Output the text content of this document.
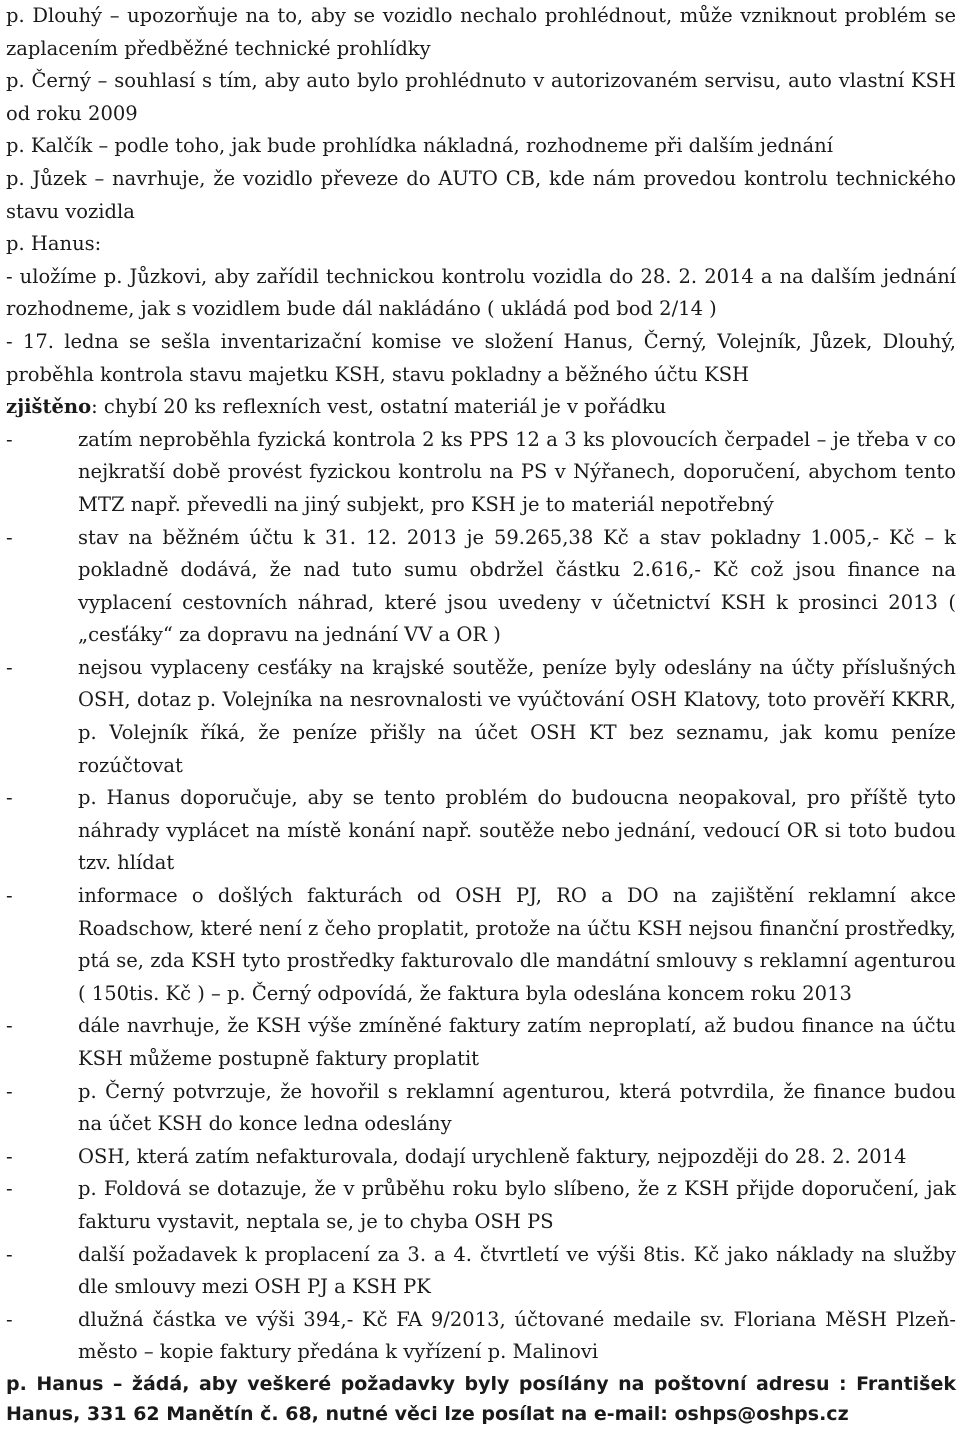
p. Dlouhý – upozorňuje na to, aby se vozidlo nechalo prohlédnout, může vzniknout problém se zaplacením předběžné technické prohlídky

p. Černý – souhlasí s tím, aby auto bylo prohlédnuto v autorizovaném servisu, auto vlastní KSH od roku 2009

p. Kalčík – podle toho, jak bude prohlídka nákladná, rozhodneme při dalším jednání

p. Jůzek – navrhuje, že vozidlo převeze do AUTO CB, kde nám provedou kontrolu technického stavu vozidla

p. Hanus:

- uložíme p. Jůzkovi, aby zařídil technickou kontrolu vozidla do 28. 2. 2014 a na dalším jednání rozhodneme, jak s vozidlem bude dál nakládáno ( ukládá pod bod 2/14 )

- 17. ledna se sešla inventarizační komise ve složení Hanus, Černý, Volejník, Jůzek, Dlouhý, proběhla kontrola stavu majetku KSH, stavu pokladny a běžného účtu KSH

zjištěno: chybí 20 ks reflexních vest, ostatní materiál je v pořádku

-	zatím neproběhla fyzická kontrola 2 ks PPS 12 a 3 ks plovoucích čerpadel – je třeba v co nejkratší době provést fyzickou kontrolu na PS v Nýřanech, doporučení, abychom tento MTZ např. převedli na jiný subjekt, pro KSH je to materiál nepotřebný
-	stav na běžném účtu k 31. 12. 2013 je 59.265,38 Kč a stav pokladny 1.005,- Kč – k pokladně dodává, že nad tuto sumu obdržel částku 2.616,- Kč což jsou finance na vyplacení cestovních náhrad, které jsou uvedeny v účetnictví KSH k prosinci 2013 ( „cesťáky“ za dopravu na jednání VV a OR )
-	nejsou vyplaceny cesťáky na krajské soutěže, peníze byly odeslány na účty příslušných OSH, dotaz p. Volejníka na nesrovnalosti ve vyúčtování OSH Klatovy, toto prověří KKRR, p. Volejník říká, že peníze přišly na účet OSH KT bez seznamu, jak komu peníze rozúčtovat
-	p. Hanus doporučuje, aby se tento problém do budoucna neopakoval, pro příště tyto náhrady vyplácet na místě konání např. soutěže nebo jednání, vedoucí OR si toto budou tzv. hlídat
-	informace o došlých fakturách od OSH PJ, RO a DO na zajištění reklamní akce Roadschow, které není z čeho proplatit, protože na účtu KSH nejsou finanční prostředky, ptá se, zda KSH tyto prostředky fakturovalo dle mandátní smlouvy s reklamní agenturou ( 150tis. Kč ) – p. Černý odpovídá, že faktura byla odeslána koncem roku 2013
-	dále navrhuje, že KSH výše zmíněné faktury zatím neproplatí, až budou finance na účtu KSH můžeme postupně faktury proplatit
-	p. Černý potvrzuje, že hovořil s reklamní agenturou, která potvrdila, že finance budou na účet KSH do konce ledna odeslány
-	OSH, která zatím nefakturovala, dodají urychleně faktury, nejpozději do 28. 2. 2014
-	p. Foldová se dotazuje, že v průběhu roku bylo slíbeno, že z KSH přijde doporučení, jak fakturu vystavit, neptala se, je to chyba OSH PS
-	další požadavek k proplacení za 3. a 4. čtvrtletí ve výši 8tis. Kč jako náklady na služby dle smlouvy mezi OSH PJ a KSH PK
-	dlužná částka ve výši 394,- Kč FA 9/2013, účtované medaile sv. Floriana MěSH Plzeň-město – kopie faktury předána k vyřízení p. Malinovi

p. Hanus – žádá, aby veškeré požadavky byly posílány na poštovní adresu : František Hanus, 331 62 Manětín č. 68, nutné věci lze posílat na e-mail: oshps@oshps.cz
